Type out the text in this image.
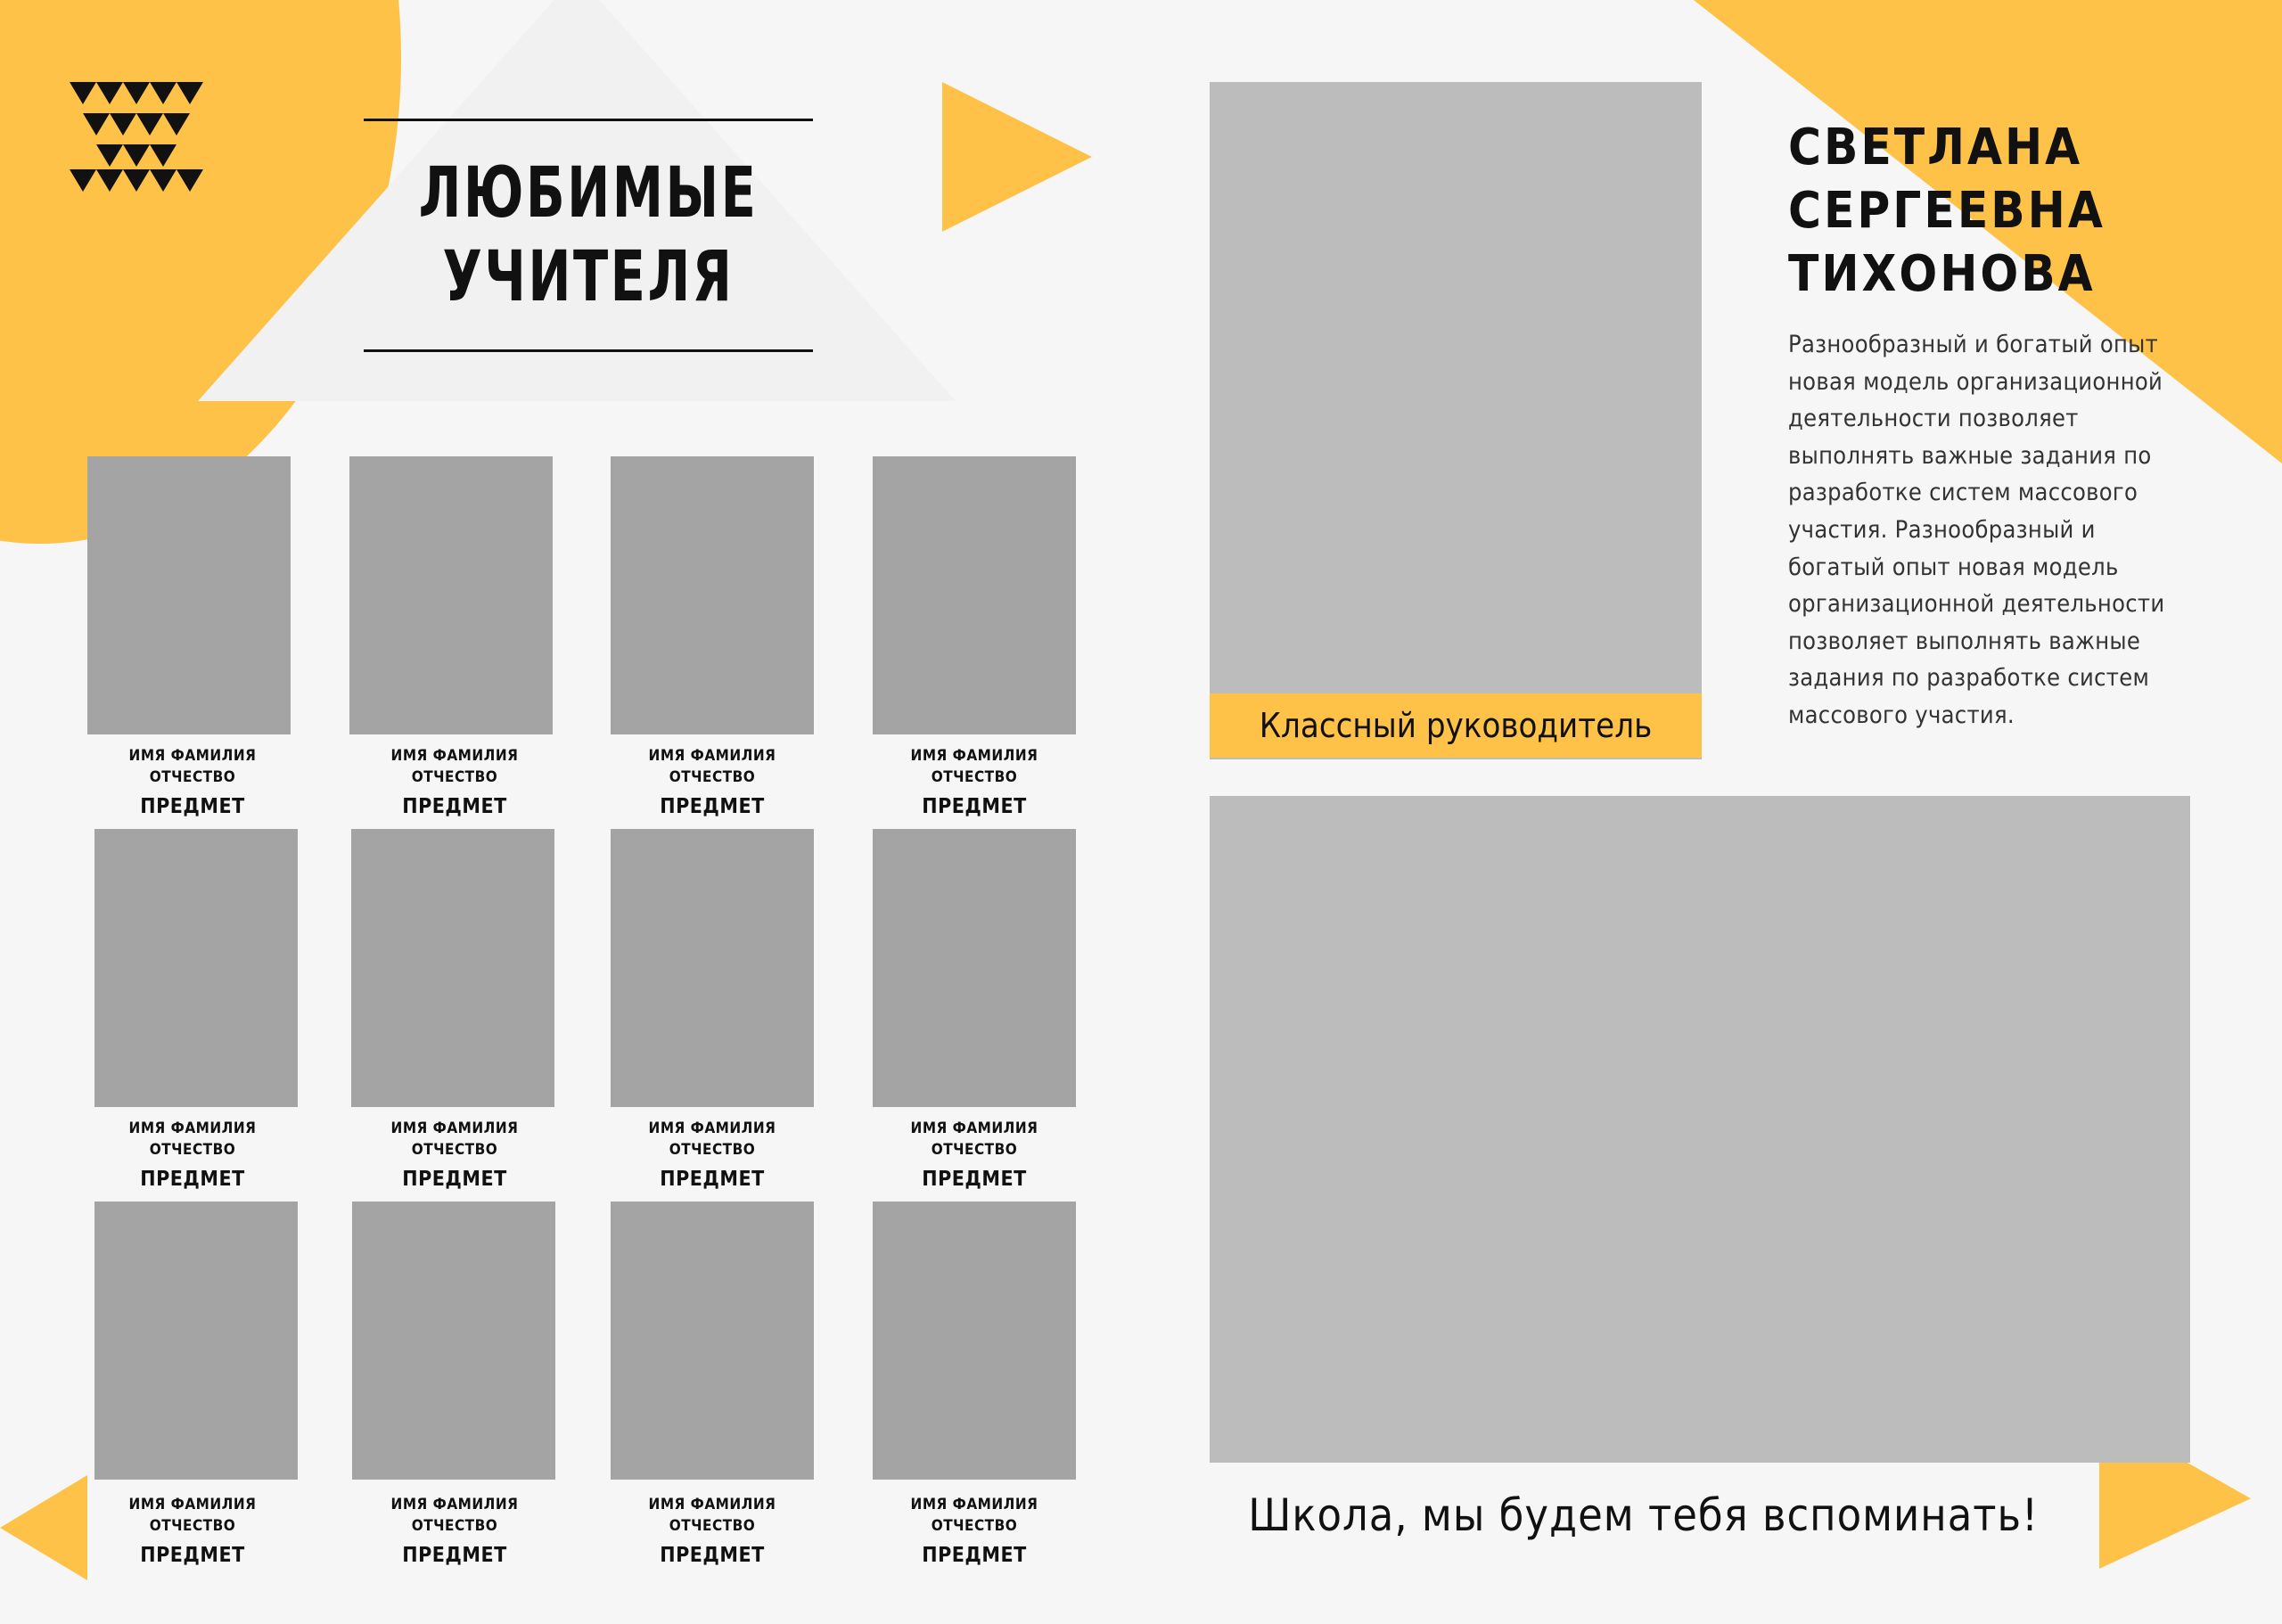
ЛЮБИМЫЕ
УЧИТЕЛЯ
ИМЯ ФАМИЛИЯ
ОТЧЕСТВО
ПРЕДМЕТ
ИМЯ ФАМИЛИЯ
ОТЧЕСТВО
ПРЕДМЕТ
ИМЯ ФАМИЛИЯ
ОТЧЕСТВО
ПРЕДМЕТ
ИМЯ ФАМИЛИЯ
ОТЧЕСТВО
ПРЕДМЕТ
ИМЯ ФАМИЛИЯ
ОТЧЕСТВО
ПРЕДМЕТ
ИМЯ ФАМИЛИЯ
ОТЧЕСТВО
ПРЕДМЕТ
ИМЯ ФАМИЛИЯ
ОТЧЕСТВО
ПРЕДМЕТ
ИМЯ ФАМИЛИЯ
ОТЧЕСТВО
ПРЕДМЕТ
ИМЯ ФАМИЛИЯ
ОТЧЕСТВО
ПРЕДМЕТ
ИМЯ ФАМИЛИЯ
ОТЧЕСТВО
ПРЕДМЕТ
ИМЯ ФАМИЛИЯ
ОТЧЕСТВО
ПРЕДМЕТ
ИМЯ ФАМИЛИЯ
ОТЧЕСТВО
ПРЕДМЕТ
Классный руководитель
СВЕТЛАНА
СЕРГЕЕВНА
ТИХОНОВА
Разнообразный и богатый опыт
новая модель организационной
деятельности позволяет
выполнять важные задания по
разработке систем массового
участия. Разнообразный и
богатый опыт новая модель
организационной деятельности
позволяет выполнять важные
задания по разработке систем
массового участия.
Школа, мы будем тебя вспоминать!
